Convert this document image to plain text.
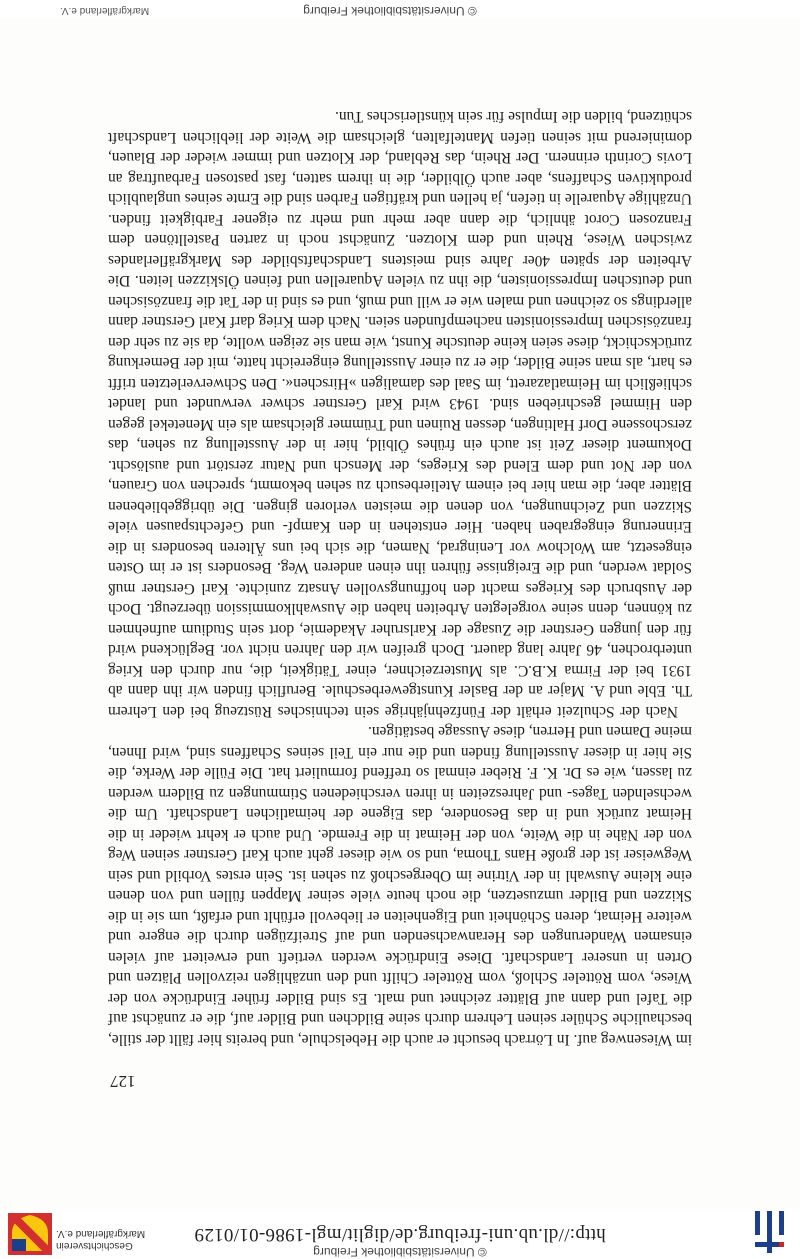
© Universitätsbibliothek Freiburg
http://dl.ub.uni-freiburg.de/diglit/mgl-1986-01/0129
Geschichtsverein
Markgräflerland e.V.
127

im Wiesenweg auf. In Lörrach besucht er auch die Hebelschule, und bereits hier fällt der stille, beschauliche Schüler seinen Lehrern durch seine Bildchen und Bilder auf, die er zunächst auf die Tafel und dann auf Blätter zeichnet und malt. Es sind Bilder früher Eindrücke von der Wiese, vom Rötteler Schloß, vom Rötteler Chilft und den unzähligen reizvollen Plätzen und Orten in unserer Landschaft. Diese Eindrücke werden vertieft und erweitert auf vielen einsamen Wanderungen des Heranwachsenden und auf Streifzügen durch die engere und weitere Heimat, deren Schönheit und Eigenheiten er liebevoll erfühlt und erfaßt, um sie in die Skizzen und Bilder umzusetzen, die noch heute viele seiner Mappen füllen und von denen eine kleine Auswahl in der Vitrine im Obergeschoß zu sehen ist. Sein erstes Vorbild und sein Wegweiser ist der große Hans Thoma, und so wie dieser geht auch Karl Gerstner seinen Weg von der Nähe in die Weite, von der Heimat in die Fremde. Und auch er kehrt wieder in die Heimat zurück und in das Besondere, das Eigene der heimatlichen Landschaft. Um die wechselnden Tages- und Jahreszeiten in ihren verschiedenen Stimmungen zu Bildern werden zu lassen, wie es Dr. K. F. Rieber einmal so treffend formuliert hat. Die Fülle der Werke, die Sie hier in dieser Ausstellung finden und die nur ein Teil seines Schaffens sind, wird Ihnen, meine Damen und Herren, diese Aussage bestätigen.

Nach der Schulzeit erhält der Fünfzehnjährige sein technisches Rüstzeug bei den Lehrern Th. Eble und A. Majer an der Basler Kunstgewerbeschule. Beruflich finden wir ihn dann ab 1931 bei der Firma K.B.C. als Musterzeichner, einer Tätigkeit, die, nur durch den Krieg unterbrochen, 46 Jahre lang dauert. Doch greifen wir den Jahren nicht vor. Beglückend wird für den jungen Gerstner die Zusage der Karlsruher Akademie, dort sein Studium aufnehmen zu können, denn seine vorgelegten Arbeiten haben die Auswahlkommission überzeugt. Doch der Ausbruch des Krieges macht den hoffnungsvollen Ansatz zunichte. Karl Gerstner muß Soldat werden, und die Ereignisse führen ihn einen anderen Weg. Besonders ist er im Osten eingesetzt, am Wolchow vor Leningrad, Namen, die sich bei uns Älteren besonders in die Erinnerung eingegraben haben. Hier entstehen in den Kampf- und Gefechtspausen viele Skizzen und Zeichnungen, von denen die meisten verloren gingen. Die übriggebliebenen Blätter aber, die man hier bei einem Atelierbesuch zu sehen bekommt, sprechen von Grauen, von der Not und dem Elend des Krieges, der Mensch und Natur zerstört und auslöscht. Dokument dieser Zeit ist auch ein frühes Ölbild, hier in der Ausstellung zu sehen, das zerschossene Dorf Haltingen, dessen Ruinen und Trümmer gleichsam als ein Menetekel gegen den Himmel geschrieben sind. 1943 wird Karl Gerstner schwer verwundet und landet schließlich im Heimatlazarett, im Saal des damaligen »Hirschen«. Den Schwerverletzten trifft es hart, als man seine Bilder, die er zu einer Ausstellung eingereicht hatte, mit der Bemerkung zurückschickt, diese seien keine deutsche Kunst, wie man sie zeigen wollte, da sie zu sehr den französischen Impressionisten nachempfunden seien. Nach dem Krieg darf Karl Gerstner dann allerdings so zeichnen und malen wie er will und muß, und es sind in der Tat die französischen und deutschen Impressionisten, die ihn zu vielen Aquarellen und feinen Ölskizzen leiten. Die Arbeiten der späten 40er Jahre sind meistens Landschaftsbilder des Markgräflerlandes zwischen Wiese, Rhein und dem Klotzen. Zunächst noch in zarten Pastelltönen dem Franzosen Corot ähnlich, die dann aber mehr und mehr zu eigener Farbigkeit finden. Unzählige Aquarelle in tiefen, ja hellen und kräftigen Farben sind die Ernte seines unglaublich produktiven Schaffens, aber auch Ölbilder, die in ihrem satten, fast pastosen Farbauftrag an Lovis Corinth erinnern. Der Rhein, das Rebland, der Klotzen und immer wieder der Blauen, dominierend mit seinen tiefen Mantelfalten, gleichsam die Weite der lieblichen Landschaft schützend, bilden die Impulse für sein künstlerisches Tun.

© Universitätsbibliothek Freiburg
Markgräflerland e.V.
